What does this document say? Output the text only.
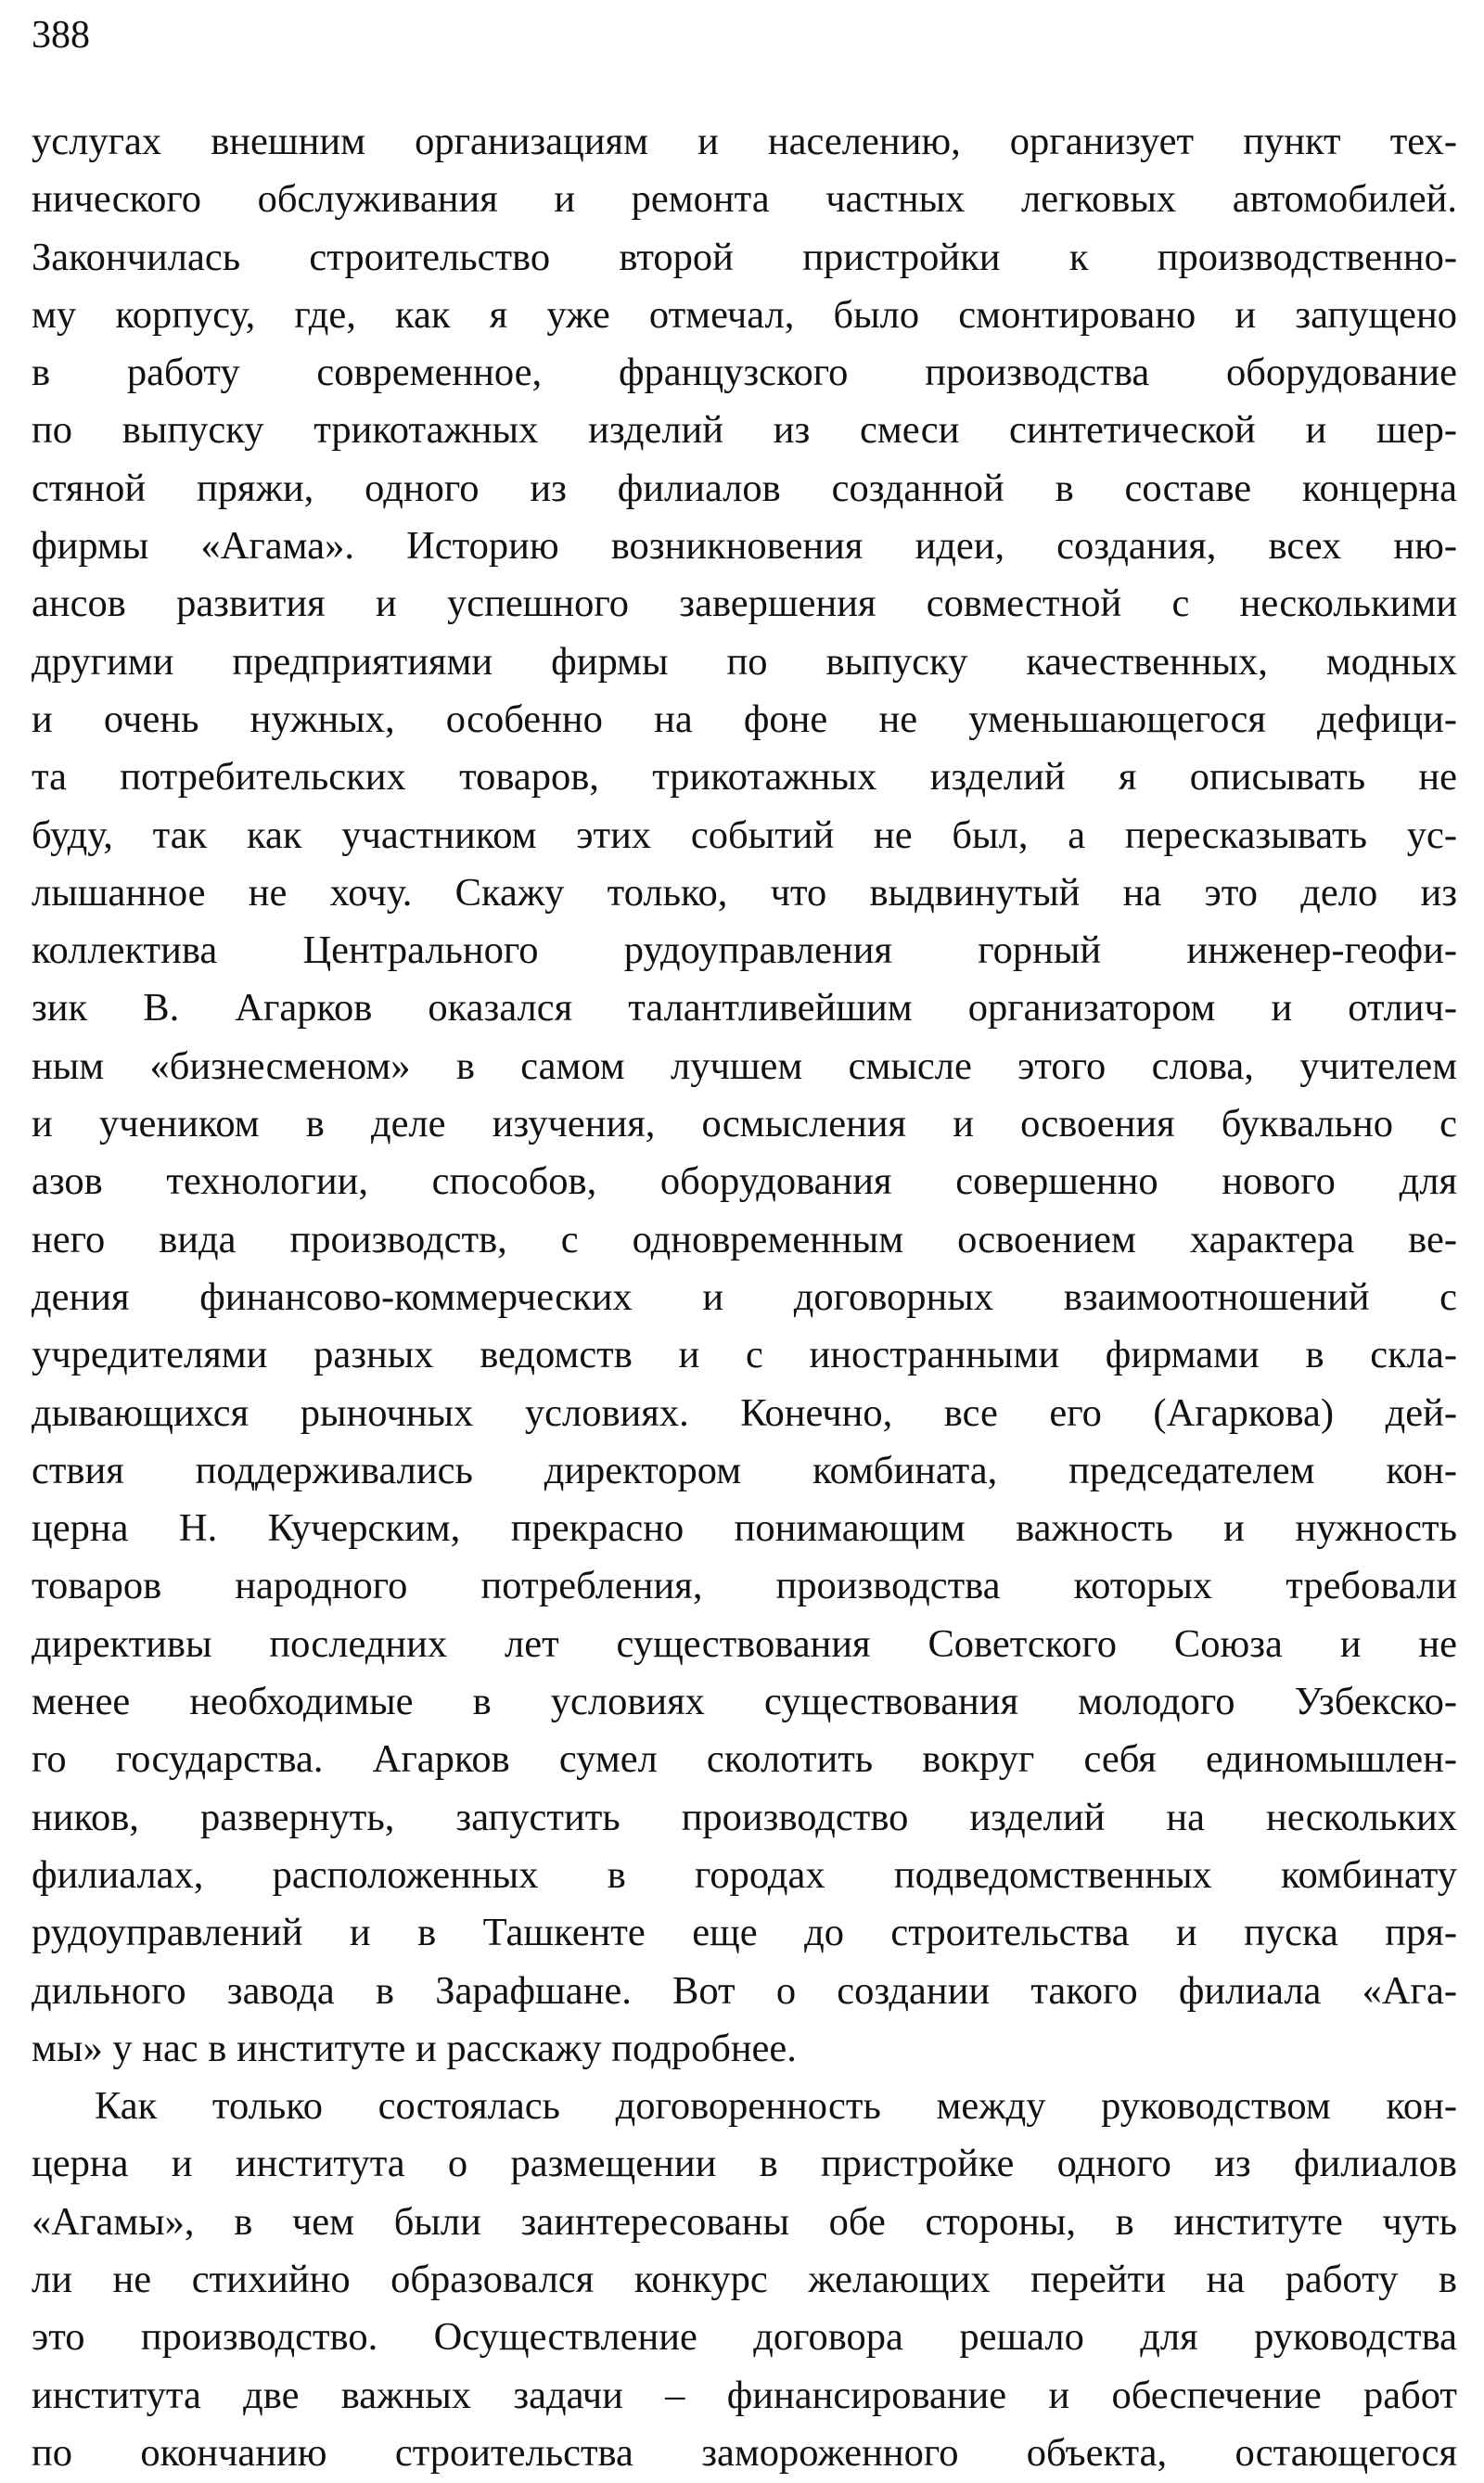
388
услугах внешним организациям и населению, организует пункт тех-
нического обслуживания и ремонта частных легковых автомобилей.
Закончилась строительство второй пристройки к производственно-
му корпусу, где, как я уже отмечал, было смонтировано и запущено
в работу современное, французского производства оборудование
по выпуску трикотажных изделий из смеси синтетической и шер-
стяной пряжи, одного из филиалов созданной в составе концерна
фирмы «Агама». Историю возникновения идеи, создания, всех ню-
ансов развития и успешного завершения совместной с несколькими
другими предприятиями фирмы по выпуску качественных, модных
и очень нужных, особенно на фоне не уменьшающегося дефици-
та потребительских товаров, трикотажных изделий я описывать не
буду, так как участником этих событий не был, а пересказывать ус-
лышанное не хочу. Скажу только, что выдвинутый на это дело из
коллектива Центрального рудоуправления горный инженер-геофи-
зик В. Агарков оказался талантливейшим организатором и отлич-
ным «бизнесменом» в самом лучшем смысле этого слова, учителем
и учеником в деле изучения, осмысления и освоения буквально с
азов технологии, способов, оборудования совершенно нового для
него вида производств, с одновременным освоением характера ве-
дения финансово-коммерческих и договорных взаимоотношений с
учредителями разных ведомств и с иностранными фирмами в скла-
дывающихся рыночных условиях. Конечно, все его (Агаркова) дей-
ствия поддерживались директором комбината, председателем кон-
церна Н. Кучерским, прекрасно понимающим важность и нужность
товаров народного потребления, производства которых требовали
директивы последних лет существования Советского Союза и не
менее необходимые в условиях существования молодого Узбекско-
го государства. Агарков сумел сколотить вокруг себя единомышлен-
ников, развернуть, запустить производство изделий на нескольких
филиалах, расположенных в городах подведомственных комбинату
рудоуправлений и в Ташкенте еще до строительства и пуска пря-
дильного завода в Зарафшане. Вот о создании такого филиала «Ага-
мы» у нас в институте и расскажу подробнее.
Как только состоялась договоренность между руководством кон-
церна и института о размещении в пристройке одного из филиалов
«Агамы», в чем были заинтересованы обе стороны, в институте чуть
ли не стихийно образовался конкурс желающих перейти на работу в
это производство. Осуществление договора решало для руководства
института две важных задачи – финансирование и обеспечение работ
по окончанию строительства замороженного объекта, остающегося
